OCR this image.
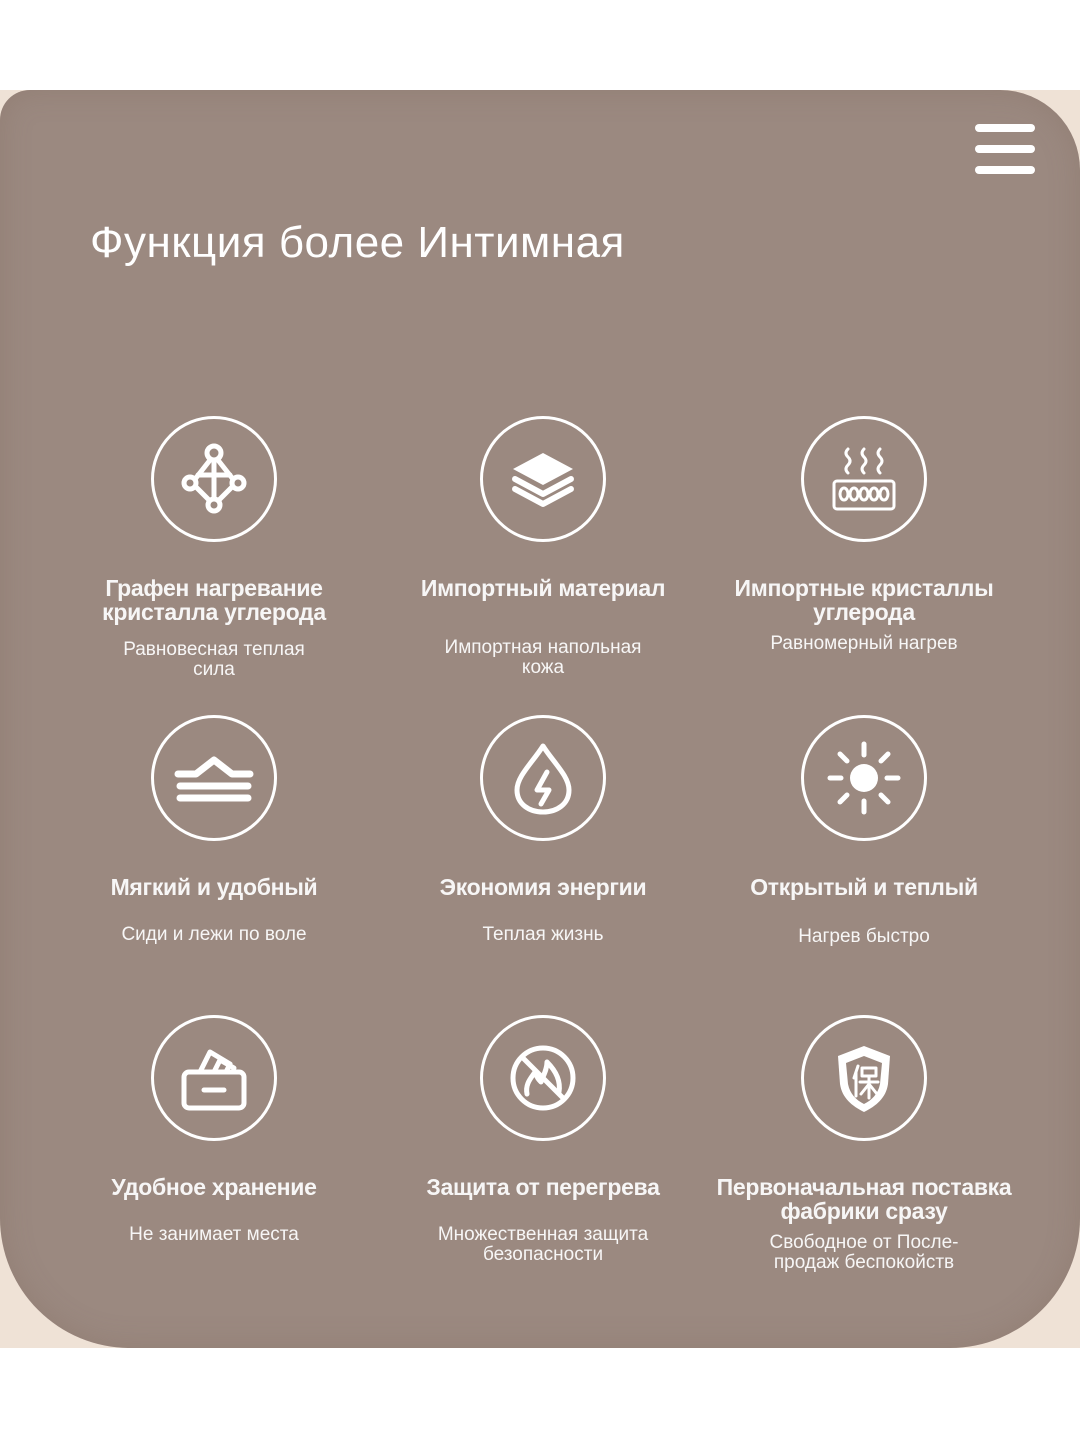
Функция более Интимная
Графен нагревание
кристалла углерода
Равновесная теплая
сила
Импортный материал
Импортная напольная
кожа
Импортные кристаллы
углерода
Равномерный нагрев
Мягкий и удобный
Сиди и лежи по воле
Экономия энергии
Теплая жизнь
Открытый и теплый
Нагрев быстро
Удобное хранение
Не занимает места
Защита от перегрева
Множественная защита
безопасности
Первоначальная поставка
фабрики сразу
Свободное от После-
продаж беспокойств
